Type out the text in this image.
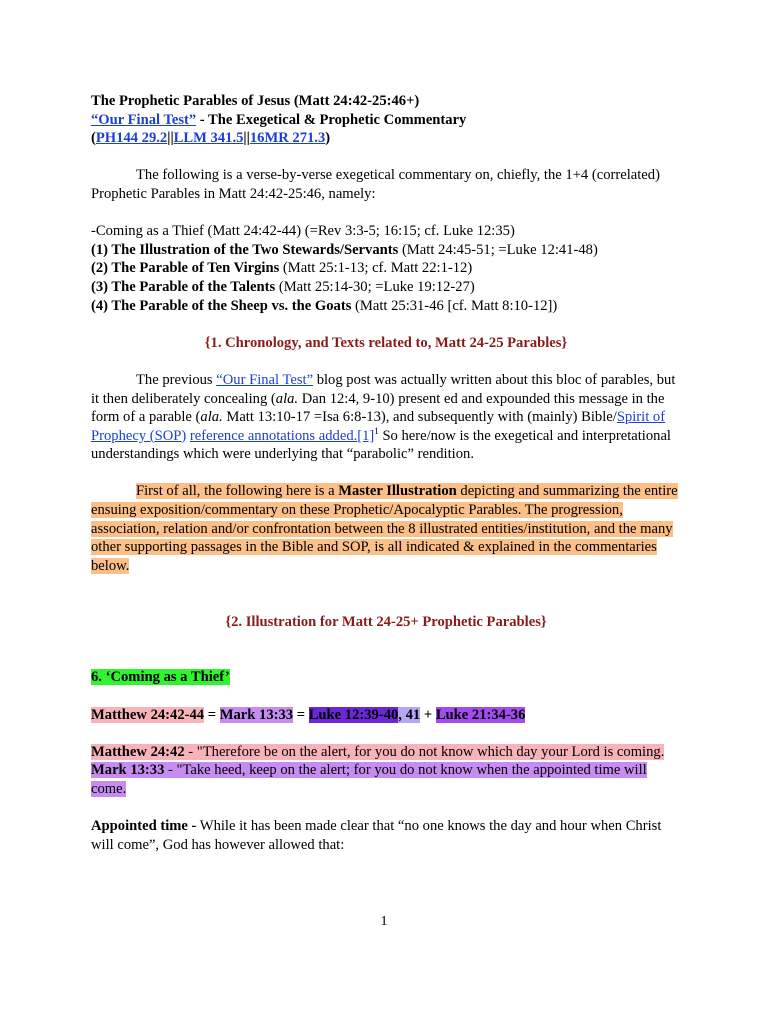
The Prophetic Parables of Jesus (Matt 24:42-25:46+)

“Our Final Test” - The Exegetical & Prophetic Commentary

(PH144 29.2||LLM 341.5||16MR 271.3)

The following is a verse-by-verse exegetical commentary on, chiefly, the 1+4 (correlated) Prophetic Parables in Matt 24:42-25:46, namely:

-Coming as a Thief (Matt 24:42-44) (=Rev 3:3-5; 16:15; cf. Luke 12:35)

(1) The Illustration of the Two Stewards/Servants (Matt 24:45-51; =Luke 12:41-48)

(2) The Parable of Ten Virgins (Matt 25:1-13; cf. Matt 22:1-12)

(3) The Parable of the Talents (Matt 25:14-30; =Luke 19:12-27)

(4) The Parable of the Sheep vs. the Goats (Matt 25:31-46 [cf. Matt 8:10-12])

{1. Chronology, and Texts related to, Matt 24-25 Parables}

The previous “Our Final Test” blog post was actually written about this bloc of parables, but it then deliberately concealing (ala. Dan 12:4, 9-10) present ed and expounded this message in the form of a parable (ala. Matt 13:10-17 =Isa 6:8-13), and subsequently with (mainly) Bible/Spirit of Prophecy (SOP) reference annotations $added.[1]^1$ So here/now is the exegetical and interpretational understandings which were underlying that “parabolic” rendition.

First of all, the following here is a Master Illustration depicting and summarizing the entire ensuing exposition/commentary on these Prophetic/Apocalyptic Parables. The progression, association, relation and/or confrontation between the 8 illustrated entities/institution, and the many other supporting passages in the Bible and SOP, is all indicated & explained in the commentaries below.

{2. Illustration for Matt 24-25+ Prophetic Parables}

6. ‘Coming as a Thief’

Matthew 24:42-44 = Mark 13:33 = Luke 12:39-40, 41 + Luke 21:34-36

Matthew 24:42 - "Therefore be on the alert, for you do not know which day your Lord is coming.

Mark 13:33 - "Take heed, keep on the alert; for you do not know when the appointed time will come.

Appointed time - While it has been made clear that “no one knows the day and hour when Christ will come”, God has however allowed that:

1
